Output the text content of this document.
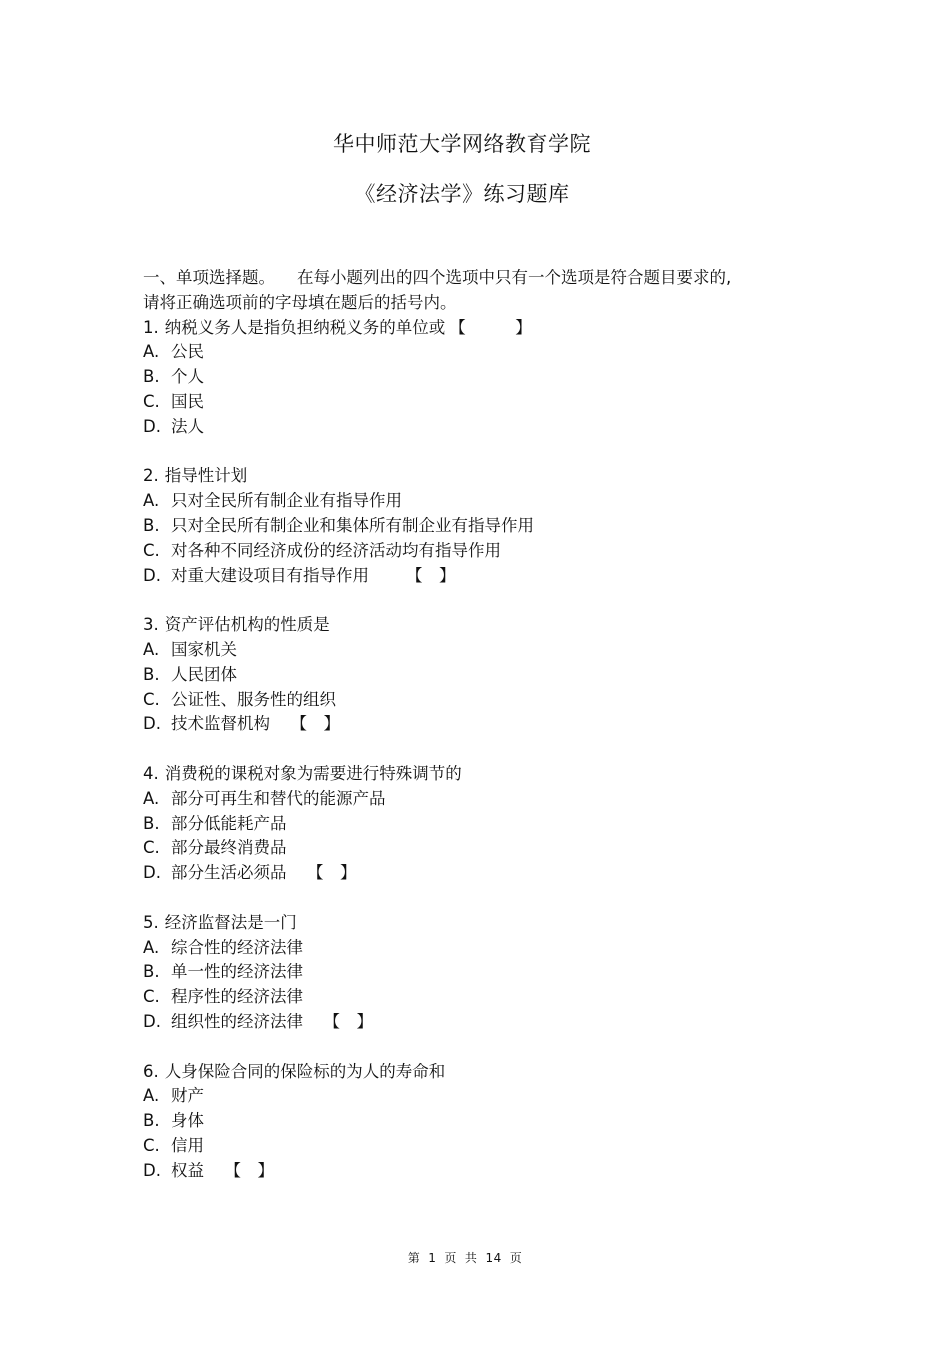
华中师范大学网络教育学院
《经济法学》练习题库
一、单项选择题。 在每小题列出的四个选项中只有一个选项是符合题目要求的,
请将正确选项前的字母填在题后的括号内。
1. 纳税义务人是指负担纳税义务的单位或 【　　　】
A. 公民
B. 个人
C. 国民
D. 法人
2. 指导性计划
A. 只对全民所有制企业有指导作用
B. 只对全民所有制企业和集体所有制企业有指导作用
C. 对各种不同经济成份的经济活动均有指导作用
D. 对重大建设项目有指导作用　　【　】
3. 资产评估机构的性质是
A. 国家机关
B. 人民团体
C. 公证性、服务性的组织
D. 技术监督机构　【　】
4. 消费税的课税对象为需要进行特殊调节的
A. 部分可再生和替代的能源产品
B. 部分低能耗产品
C. 部分最终消费品
D. 部分生活必须品　【　】
5. 经济监督法是一门
A. 综合性的经济法律
B. 单一性的经济法律
C. 程序性的经济法律
D. 组织性的经济法律　【　】
6. 人身保险合同的保险标的为人的寿命和
A. 财产
B. 身体
C. 信用
D. 权益　【　】
第 1 页 共 14 页
